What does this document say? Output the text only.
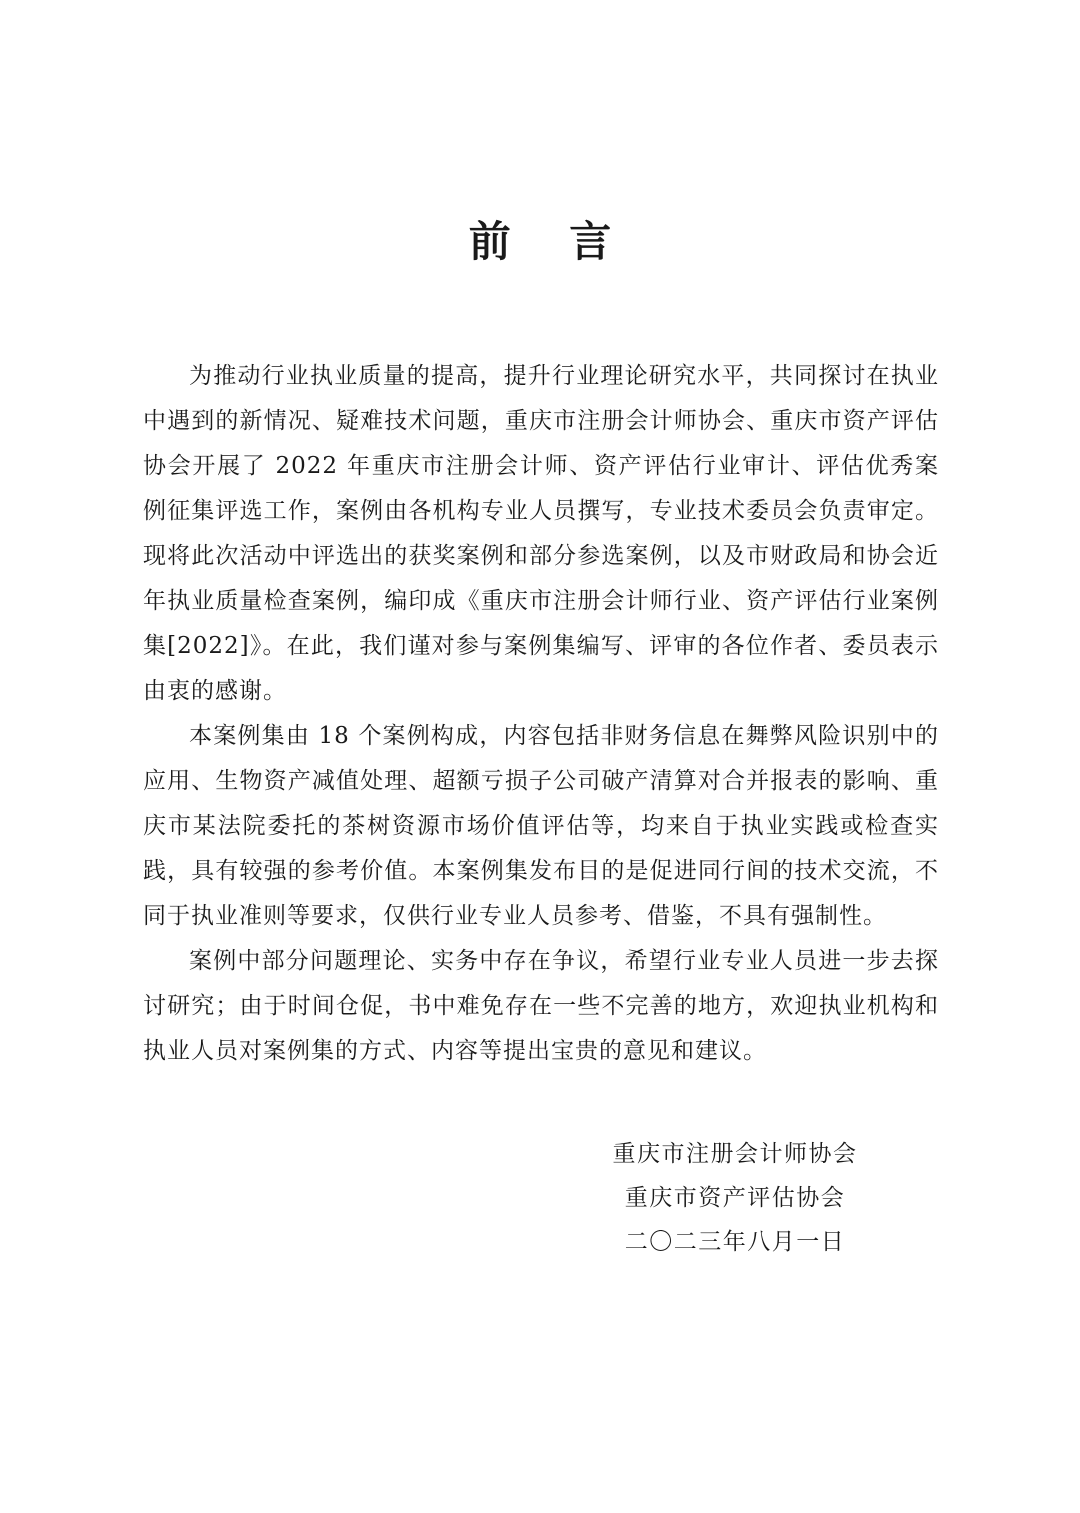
前 言

为推动行业执业质量的提高，提升行业理论研究水平，共同探讨在执业中遇到的新情况、疑难技术问题，重庆市注册会计师协会、重庆市资产评估协会开展了 2022 年重庆市注册会计师、资产评估行业审计、评估优秀案例征集评选工作，案例由各机构专业人员撰写，专业技术委员会负责审定。现将此次活动中评选出的获奖案例和部分参选案例，以及市财政局和协会近年执业质量检查案例，编印成《重庆市注册会计师行业、资产评估行业案例集[2022]》。在此，我们谨对参与案例集编写、评审的各位作者、委员表示由衷的感谢。

本案例集由 18 个案例构成，内容包括非财务信息在舞弊风险识别中的应用、生物资产减值处理、超额亏损子公司破产清算对合并报表的影响、重庆市某法院委托的茶树资源市场价值评估等，均来自于执业实践或检查实践，具有较强的参考价值。本案例集发布目的是促进同行间的技术交流，不同于执业准则等要求，仅供行业专业人员参考、借鉴，不具有强制性。

案例中部分问题理论、实务中存在争议，希望行业专业人员进一步去探讨研究；由于时间仓促，书中难免存在一些不完善的地方，欢迎执业机构和执业人员对案例集的方式、内容等提出宝贵的意见和建议。

重庆市注册会计师协会
重庆市资产评估协会
二〇二三年八月一日
